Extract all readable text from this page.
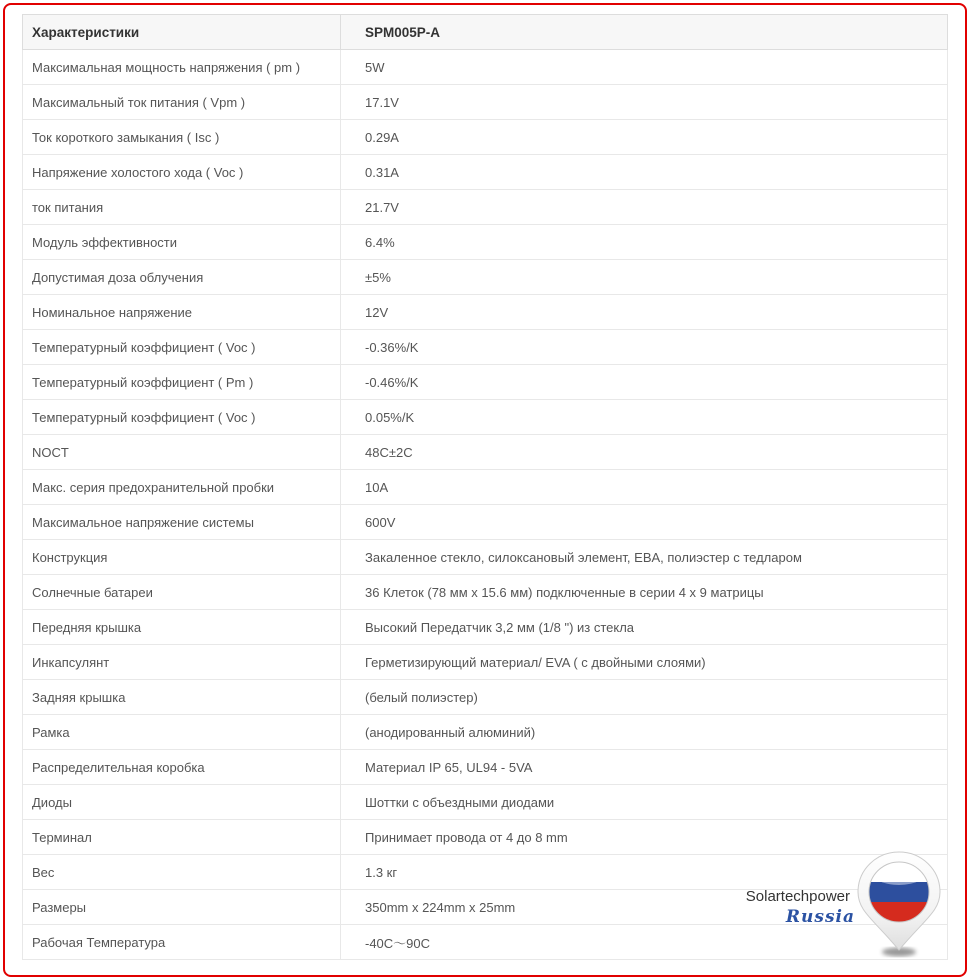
Характеристики	SPM005P-A
Максимальная мощность напряжения ( pm )	5W
Максимальный ток питания ( Vpm )	17.1V
Ток короткого замыкания ( Isc )	0.29A
Напряжение холостого хода ( Voc )	0.31A
ток питания	21.7V
Модуль эффективности	6.4%
Допустимая доза облучения	±5%
Номинальное напряжение	12V
Температурный коэффициент ( Voc )	-0.36%/K
Температурный коэффициент ( Pm )	-0.46%/K
Температурный коэффициент ( Voc )	0.05%/K
NOCT	48C±2C
Макс. серия предохранительной пробки	10A
Максимальное напряжение системы	600V
Конструкция	Закаленное стекло, силоксановый элемент, EBA, полиэстер с тедларом
Солнечные батареи	36 Клеток (78 мм x 15.6 мм) подключенные в серии 4 x 9 матрицы
Передняя крышка	Высокий Передатчик 3,2 мм (1/8 ") из стекла
Инкапсулянт	Герметизирующий материал/ EVA ( с двойными слоями)
Задняя крышка	(белый полиэстер)
Рамка	(анодированный алюминий)
Распределительная коробка	Материал IP 65, UL94 - 5VA
Диоды	Шоттки с объездными диодами
Терминал	Принимает провода от 4 до 8 mm
Вес	1.3 кг
Размеры	350mm x 224mm x 25mm
Рабочая Температура	-40C～90C
Solartechpower
Russia
